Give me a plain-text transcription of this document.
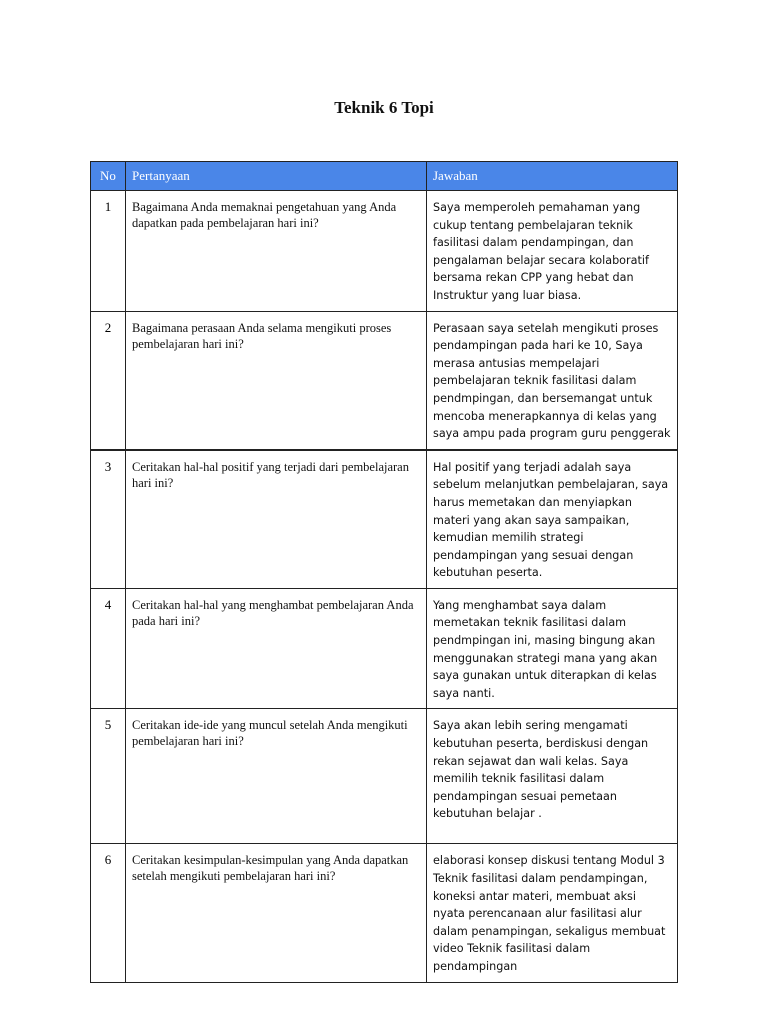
Teknik 6 Topi
No	Pertanyaan	Jawaban
1	Bagaimana Anda memaknai pengetahuan yang Anda dapatkan pada pembelajaran hari ini?	Saya memperoleh pemahaman yang cukup tentang pembelajaran teknik fasilitasi dalam pendampingan, dan pengalaman belajar secara kolaboratif bersama rekan CPP yang hebat dan Instruktur yang luar biasa.
2	Bagaimana perasaan Anda selama mengikuti proses pembelajaran hari ini?	Perasaan saya setelah mengikuti proses pendampingan pada hari ke 10, Saya merasa antusias mempelajari pembelajaran teknik fasilitasi dalam pendmpingan, dan bersemangat untuk mencoba menerapkannya di kelas yang saya ampu pada program guru penggerak
3	Ceritakan hal-hal positif yang terjadi dari pembelajaran hari ini?	Hal positif yang terjadi adalah saya sebelum melanjutkan pembelajaran, saya harus memetakan dan menyiapkan materi yang akan saya sampaikan, kemudian memilih strategi pendampingan yang sesuai dengan kebutuhan peserta.
4	Ceritakan hal-hal yang menghambat pembelajaran Anda pada hari ini?	Yang menghambat saya dalam memetakan teknik fasilitasi dalam pendmpingan ini, masing bingung akan menggunakan strategi mana yang akan saya gunakan untuk diterapkan di kelas saya nanti.
5	Ceritakan ide-ide yang muncul setelah Anda mengikuti pembelajaran hari ini?	Saya akan lebih sering mengamati kebutuhan peserta, berdiskusi dengan rekan sejawat dan wali kelas. Saya memilih teknik fasilitasi dalam pendampingan sesuai pemetaan kebutuhan belajar .
6	Ceritakan kesimpulan-kesimpulan yang Anda dapatkan setelah mengikuti pembelajaran hari ini?	elaborasi konsep diskusi tentang Modul 3 Teknik fasilitasi dalam pendampingan, koneksi antar materi, membuat aksi nyata perencanaan alur fasilitasi alur dalam penampingan, sekaligus membuat video Teknik fasilitasi dalam pendampingan
